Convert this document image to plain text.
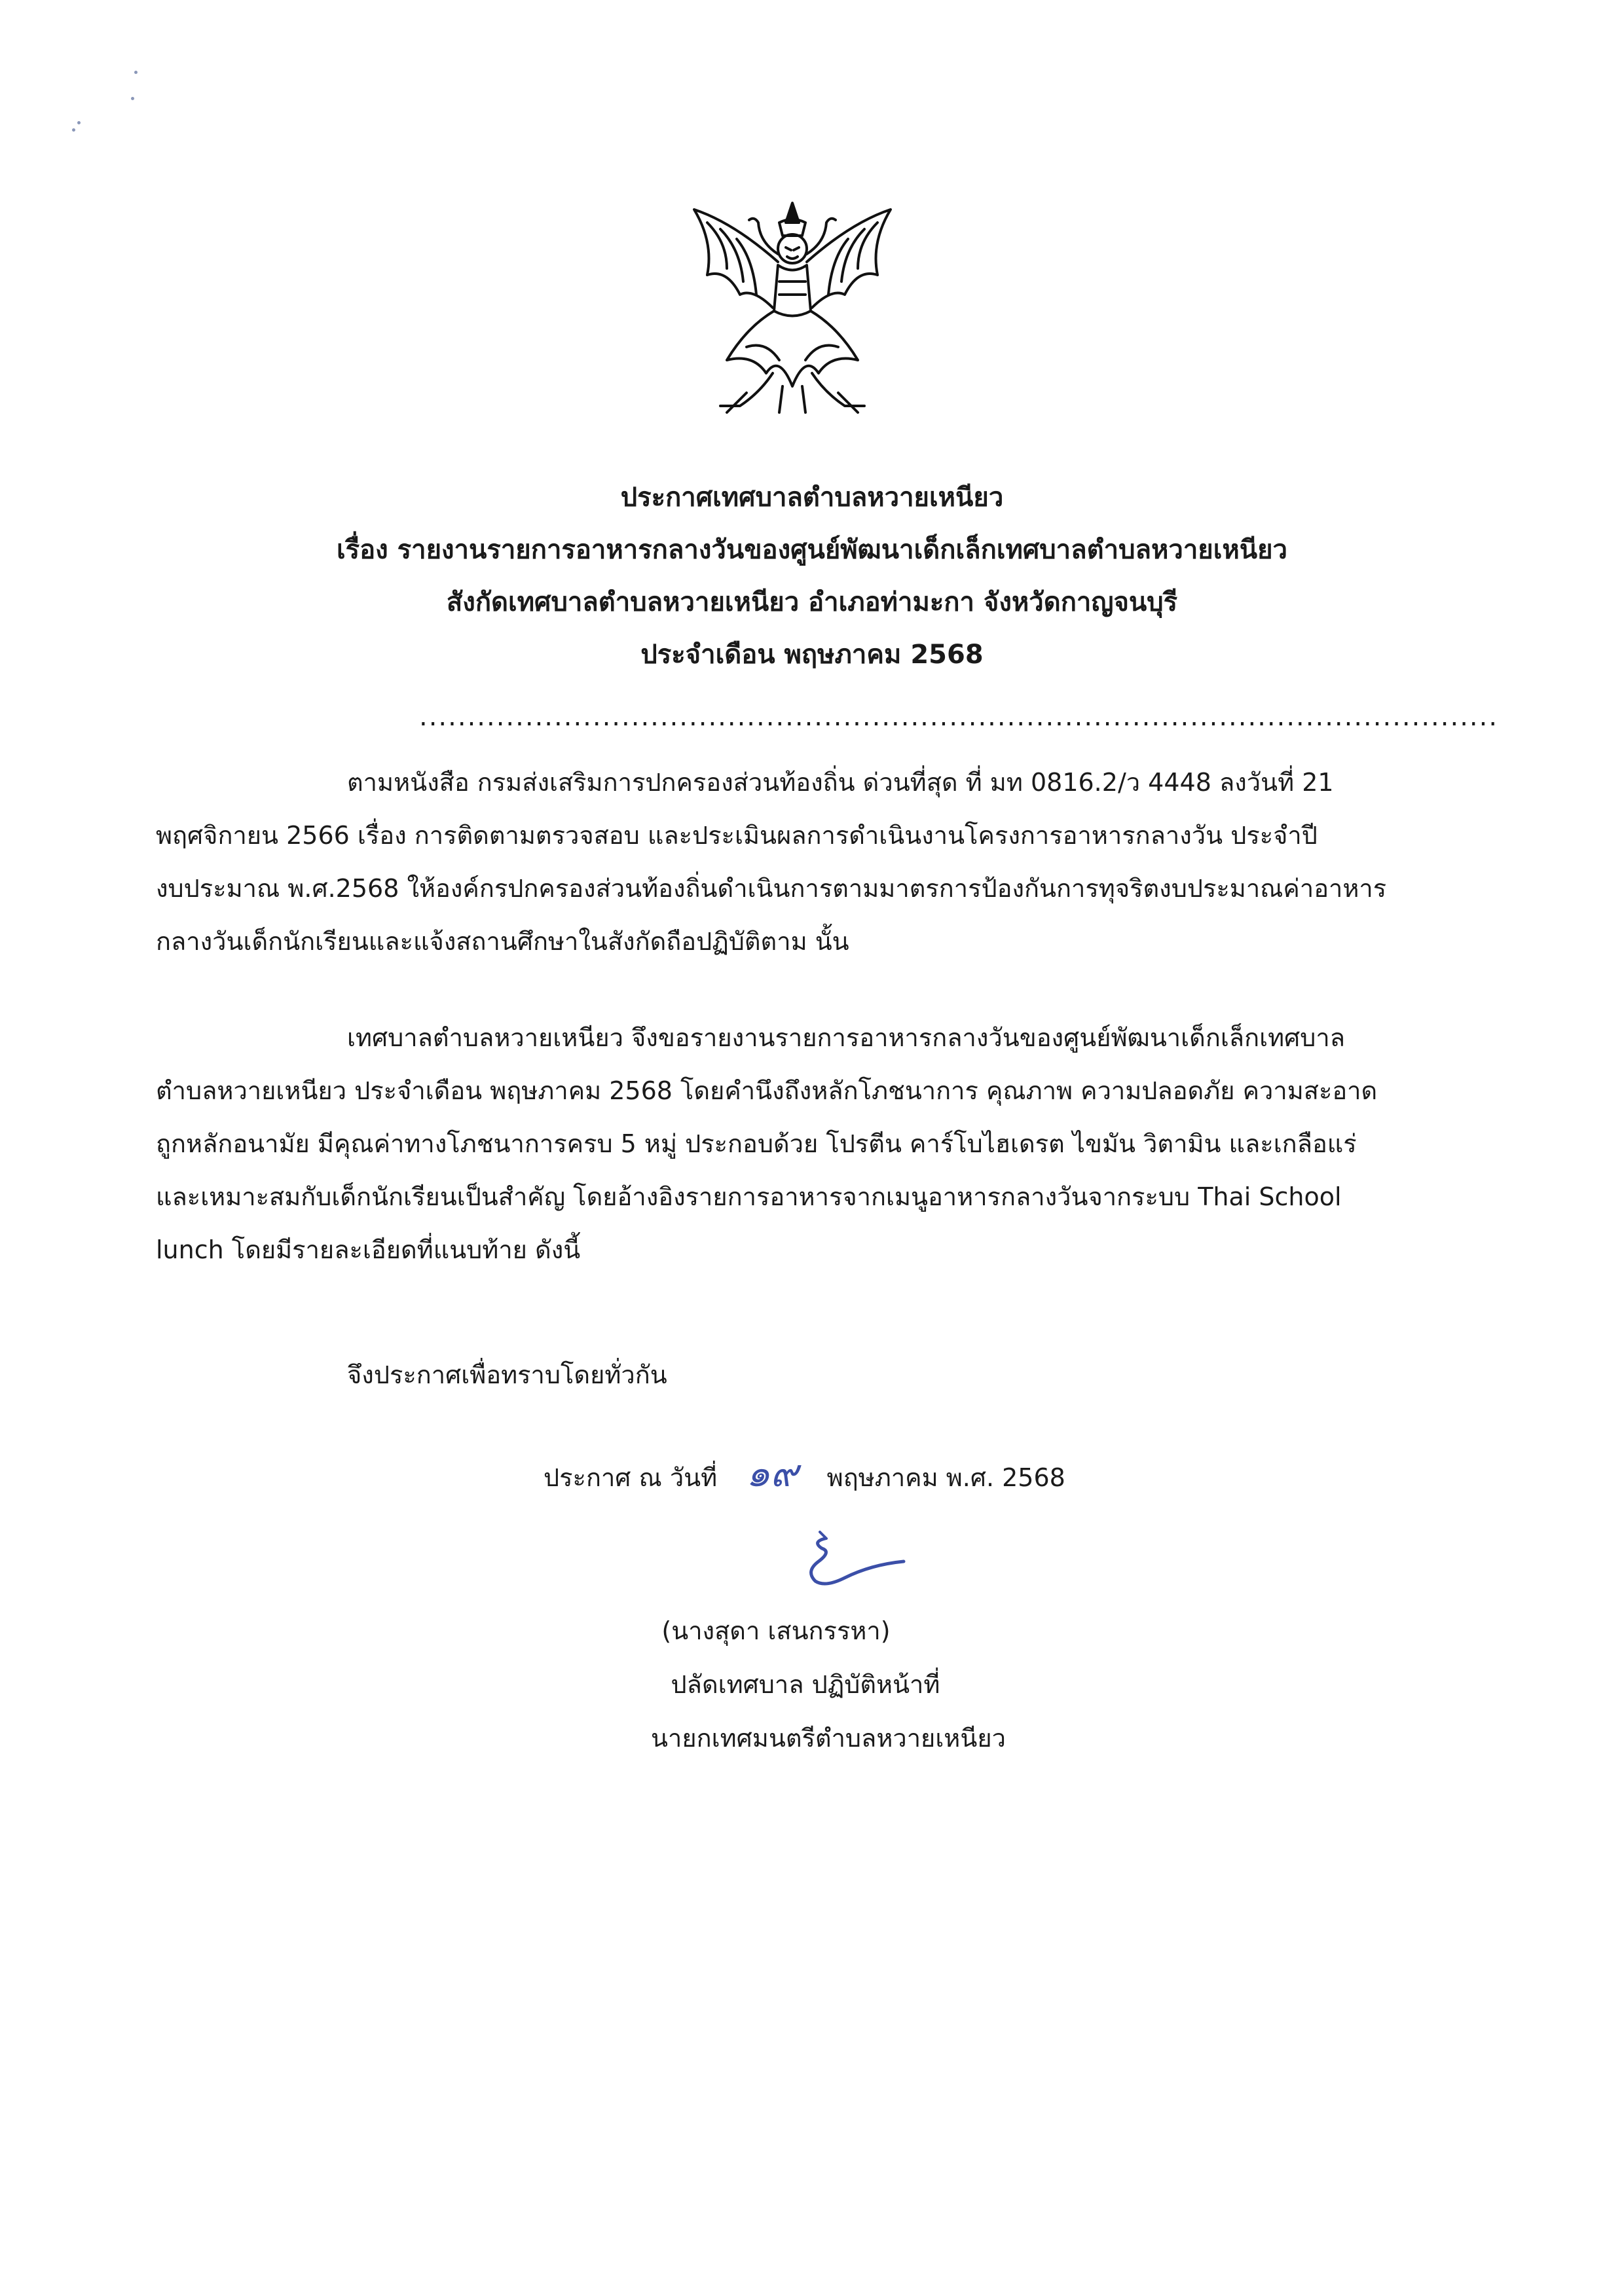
ประกาศเทศบาลตำบลหวายเหนียว
เรื่อง รายงานรายการอาหารกลางวันของศูนย์พัฒนาเด็กเล็กเทศบาลตำบลหวายเหนียว
สังกัดเทศบาลตำบลหวายเหนียว อำเภอท่ามะกา จังหวัดกาญจนบุรี
ประจำเดือน พฤษภาคม 2568
................................................................................................................
ตามหนังสือ กรมส่งเสริมการปกครองส่วนท้องถิ่น ด่วนที่สุด ที่ มท 0816.2/ว 4448 ลงวันที่ 21
พฤศจิกายน 2566 เรื่อง การติดตามตรวจสอบ และประเมินผลการดำเนินงานโครงการอาหารกลางวัน ประจำปี
งบประมาณ พ.ศ.2568 ให้องค์กรปกครองส่วนท้องถิ่นดำเนินการตามมาตรการป้องกันการทุจริตงบประมาณค่าอาหาร
กลางวันเด็กนักเรียนและแจ้งสถานศึกษาในสังกัดถือปฏิบัติตาม นั้น
เทศบาลตำบลหวายเหนียว จึงขอรายงานรายการอาหารกลางวันของศูนย์พัฒนาเด็กเล็กเทศบาล
ตำบลหวายเหนียว ประจำเดือน พฤษภาคม 2568 โดยคำนึงถึงหลักโภชนาการ คุณภาพ ความปลอดภัย ความสะอาด
ถูกหลักอนามัย มีคุณค่าทางโภชนาการครบ 5 หมู่ ประกอบด้วย โปรตีน คาร์โบไฮเดรต ไขมัน วิตามิน และเกลือแร่
และเหมาะสมกับเด็กนักเรียนเป็นสำคัญ โดยอ้างอิงรายการอาหารจากเมนูอาหารกลางวันจากระบบ Thai School
lunch โดยมีรายละเอียดที่แนบท้าย ดังนี้
จึงประกาศเพื่อทราบโดยทั่วกัน
ประกาศ ณ วันที่ ๑๙ พฤษภาคม พ.ศ. 2568
(นางสุดา เสนกรรหา)
ปลัดเทศบาล ปฏิบัติหน้าที่
นายกเทศมนตรีตำบลหวายเหนียว
